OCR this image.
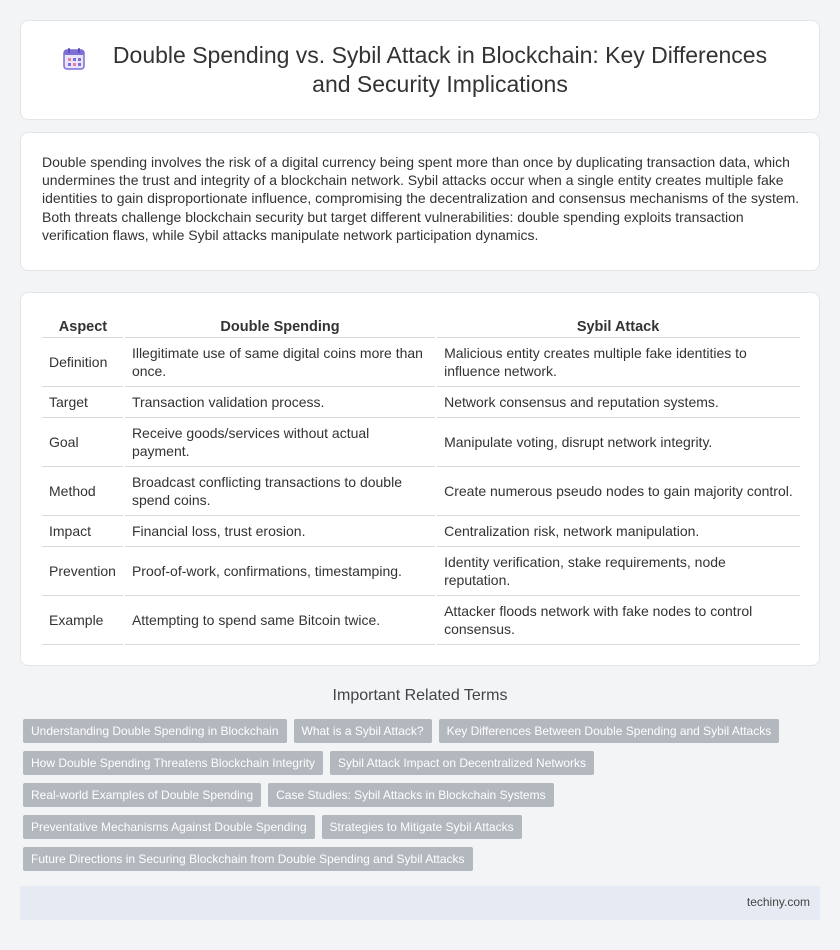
Double Spending vs. Sybil Attack in Blockchain: Key Differences and Security Implications

Double spending involves the risk of a digital currency being spent more than once by duplicating transaction data, which undermines the trust and integrity of a blockchain network. Sybil attacks occur when a single entity creates multiple fake identities to gain disproportionate influence, compromising the decentralization and consensus mechanisms of the system. Both threats challenge blockchain security but target different vulnerabilities: double spending exploits transaction verification flaws, while Sybil attacks manipulate network participation dynamics.

Aspect	Double Spending	Sybil Attack
Definition	Illegitimate use of same digital coins more than once.	Malicious entity creates multiple fake identities to influence network.
Target	Transaction validation process.	Network consensus and reputation systems.
Goal	Receive goods/services without actual payment.	Manipulate voting, disrupt network integrity.
Method	Broadcast conflicting transactions to double spend coins.	Create numerous pseudo nodes to gain majority control.
Impact	Financial loss, trust erosion.	Centralization risk, network manipulation.
Prevention	Proof-of-work, confirmations, timestamping.	Identity verification, stake requirements, node reputation.
Example	Attempting to spend same Bitcoin twice.	Attacker floods network with fake nodes to control consensus.
Important Related Terms
Understanding Double Spending in Blockchain	What is a Sybil Attack?	Key Differences Between Double Spending and Sybil Attacks
How Double Spending Threatens Blockchain Integrity	Sybil Attack Impact on Decentralized Networks
Real-world Examples of Double Spending	Case Studies: Sybil Attacks in Blockchain Systems
Preventative Mechanisms Against Double Spending	Strategies to Mitigate Sybil Attacks
Future Directions in Securing Blockchain from Double Spending and Sybil Attacks
techiny.com
